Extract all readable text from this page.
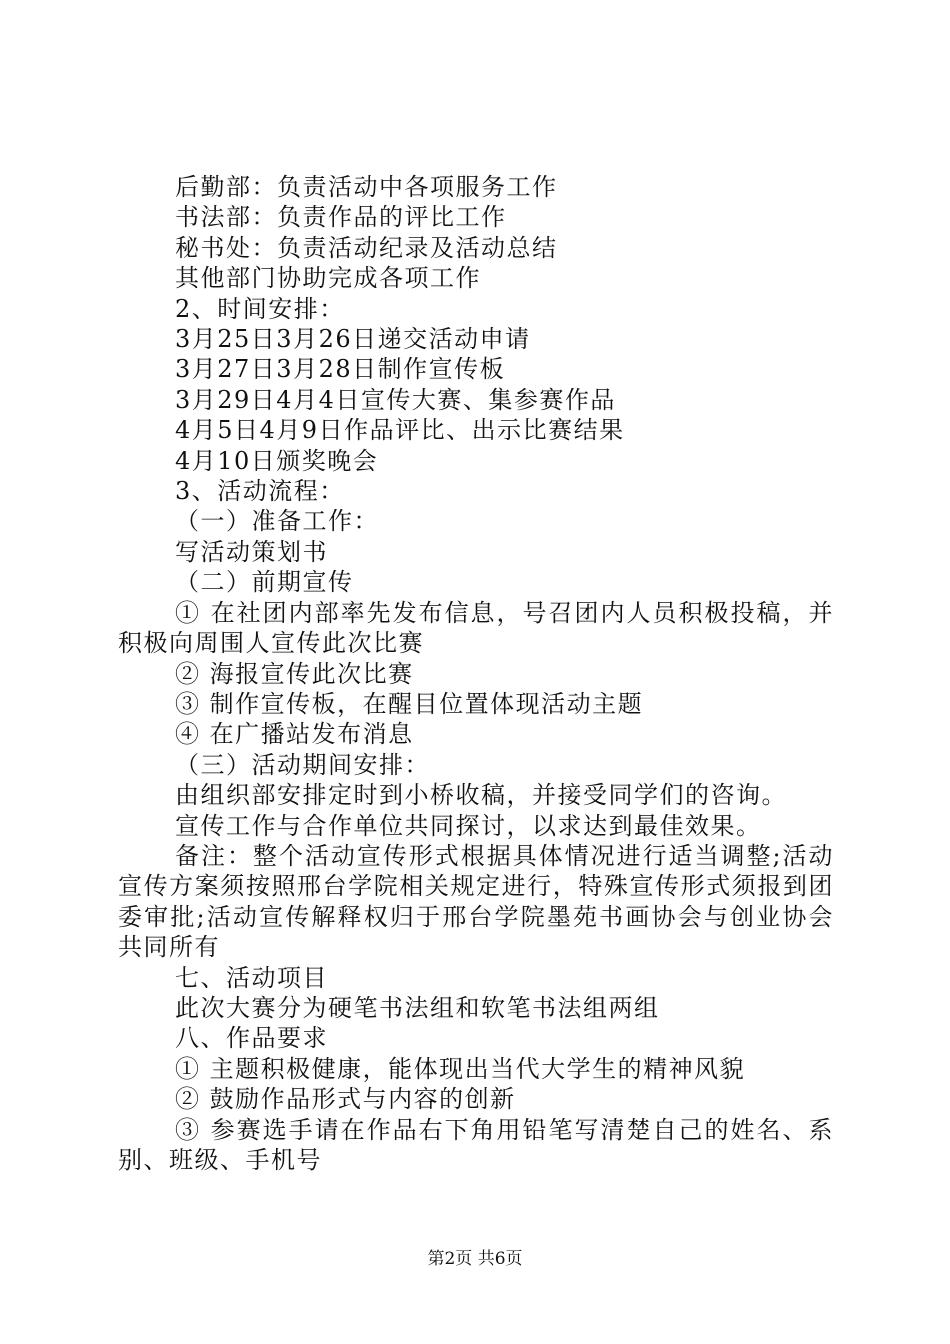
后勤部：负责活动中各项服务工作
书法部：负责作品的评比工作
秘书处：负责活动纪录及活动总结
其他部门协助完成各项工作
2、时间安排：
3月25日3月26日递交活动申请
3月27日3月28日制作宣传板
3月29日4月4日宣传大赛、集参赛作品
4月5日4月9日作品评比、出示比赛结果
4月10日颁奖晚会
3、活动流程：
（一）准备工作：
写活动策划书
（二）前期宣传
① 在社团内部率先发布信息，号召团内人员积极投稿，并积极向周围人宣传此次比赛
② 海报宣传此次比赛
③ 制作宣传板，在醒目位置体现活动主题
④ 在广播站发布消息
（三）活动期间安排：
由组织部安排定时到小桥收稿，并接受同学们的咨询。
宣传工作与合作单位共同探讨，以求达到最佳效果。
备注：整个活动宣传形式根据具体情况进行适当调整;活动宣传方案须按照邢台学院相关规定进行，特殊宣传形式须报到团委审批;活动宣传解释权归于邢台学院墨苑书画协会与创业协会共同所有
七、活动项目
此次大赛分为硬笔书法组和软笔书法组两组
八、作品要求
① 主题积极健康，能体现出当代大学生的精神风貌
② 鼓励作品形式与内容的创新
③ 参赛选手请在作品右下角用铅笔写清楚自己的姓名、系别、班级、手机号
第2页 共6页
